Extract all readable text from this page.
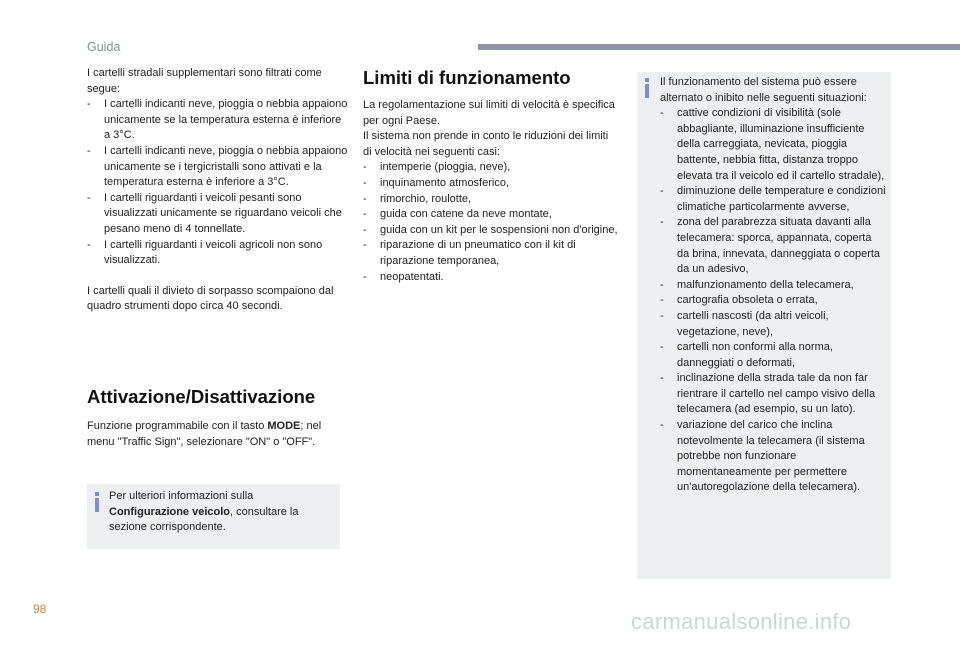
Guida

I cartelli stradali supplementari sono filtrati come segue:

- I cartelli indicanti neve, pioggia o nebbia appaiono unicamente se la temperatura esterna è inferiore a 3°C.
- I cartelli indicanti neve, pioggia o nebbia appaiono unicamente se i tergicristalli sono attivati e la temperatura esterna è inferiore a 3°C.
- I cartelli riguardanti i veicoli pesanti sono visualizzati unicamente se riguardano veicoli che pesano meno di 4 tonnellate.
- I cartelli riguardanti i veicoli agricoli non sono visualizzati.

I cartelli quali il divieto di sorpasso scompaiono dal quadro strumenti dopo circa 40 secondi.

Attivazione/Disattivazione

Funzione programmabile con il tasto MODE; nel menu "Traffic Sign", selezionare "ON" o "OFF".

Per ulteriori informazioni sulla Configurazione veicolo, consultare la sezione corrispondente.

Limiti di funzionamento

La regolamentazione sui limiti di velocità è specifica per ogni Paese.

Il sistema non prende in conto le riduzioni dei limiti di velocità nei seguenti casi:

- intemperie (pioggia, neve),
- inquinamento atmosferico,
- rimorchio, roulotte,
- guida con catene da neve montate,
- guida con un kit per le sospensioni non d'origine,
- riparazione di un pneumatico con il kit di riparazione temporanea,
- neopatentati.

Il funzionamento del sistema può essere alternato o inibito nelle seguenti situazioni:

- cattive condizioni di visibilità (sole abbagliante, illuminazione insufficiente della carreggiata, nevicata, pioggia battente, nebbia fitta, distanza troppo elevata tra il veicolo ed il cartello stradale),
- diminuzione delle temperature e condizioni climatiche particolarmente avverse,
- zona del parabrezza situata davanti alla telecamera: sporca, appannata, coperta da brina, innevata, danneggiata o coperta da un adesivo,
- malfunzionamento della telecamera,
- cartografia obsoleta o errata,
- cartelli nascosti (da altri veicoli, vegetazione, neve),
- cartelli non conformi alla norma, danneggiati o deformati,
- inclinazione della strada tale da non far rientrare il cartello nel campo visivo della telecamera (ad esempio, su un lato).
- variazione del carico che inclina notevolmente la telecamera (il sistema potrebbe non funzionare momentaneamente per permettere un'autoregolazione della telecamera).
98	carmanualsonline.info
